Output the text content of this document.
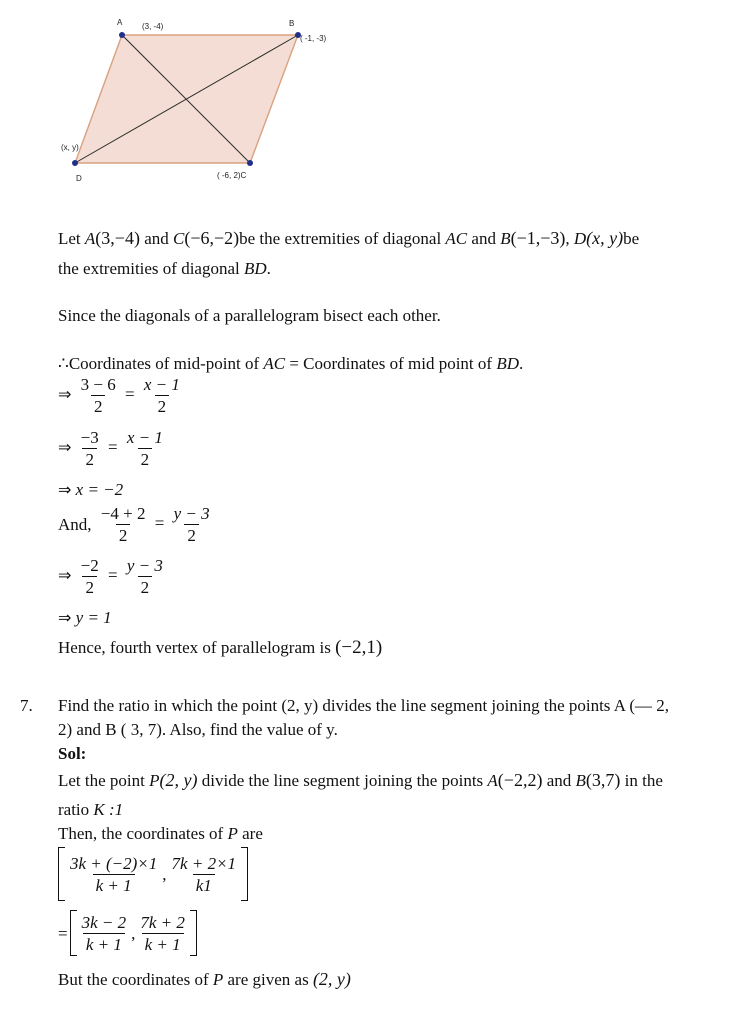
A (3, -4)	B
( -1, -3)
(x, y)
D	( -6, 2)C
Let A(3,−4) and C(−6,−2)be the extremities of diagonal AC and B(−1,−3), D(x, y)be
the extremities of diagonal BD.
Since the diagonals of a parallelogram bisect each other.
∴Coordinates of mid-point of AC = Coordinates of mid point of BD.
⇒ $\frac{3 - 6}{2} = \frac{x - 1}{2}$
⇒ $\frac{-3}{2} = \frac{x - 1}{2}$
⇒ x = −2
And, $\frac{-4 + 2}{2} = \frac{y - 3}{2}$
⇒ $\frac{-2}{2} = \frac{y - 3}{2}$
⇒ y = 1
Hence, fourth vertex of parallelogram is (−2,1)
7. Find the ratio in which the point (2, y) divides the line segment joining the points A (— 2,
2) and B ( 3, 7). Also, find the value of y.
Sol:
Let the point P(2, y) divide the line segment joining the points A(−2,2) and B(3,7) in the
ratio K :1
Then, the coordinates of P are
$\frac{3k + (-2)\times 1}{k + 1}$ , $\frac{7k + 2\times 1}{k1}$
= $\frac{3k - 2}{k + 1}$ , $\frac{7k + 2}{k + 1}$
But the coordinates of P are given as (2, y)
